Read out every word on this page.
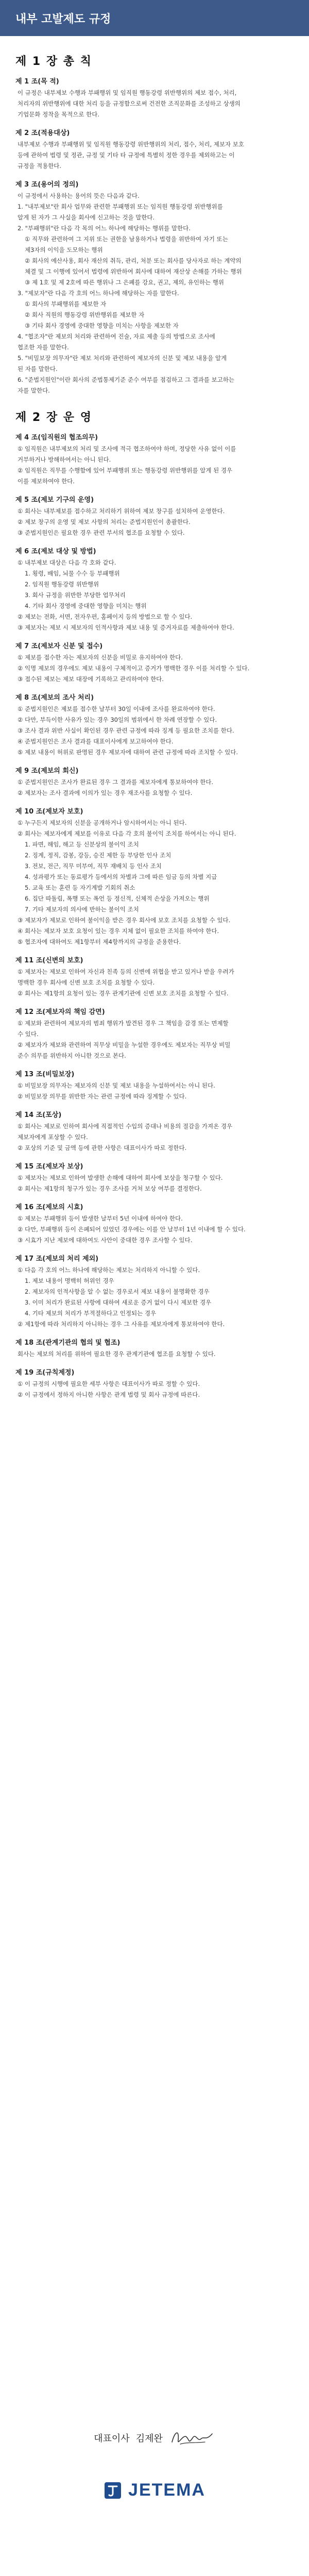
내부 고발제도 규정
제 1 장 총 칙
제 1 조(목 적)
이 규정은 내부제보 수행과 부패행위 및 임직원 행동강령 위반행위의 제보 접수, 처리,
처리자의 위반행위에 대한 처리 등을 규정함으로써 건전한 조직문화를 조성하고 상생의
기업문화 정착을 목적으로 한다.
제 2 조(적용대상)
내부제보 수행과 부패행위 및 임직원 행동강령 위반행위의 처리, 접수, 처리, 제보자 보호
등에 관하여 법령 및 정관, 규정 및 기타 타 규정에 특별히 정한 경우를 제외하고는 이
규정을 적용한다.
제 3 조(용어의 정의)
이 규정에서 사용하는 용어의 뜻은 다음과 같다.
1. "내부제보"란 회사 업무와 관련한 부패행위 또는 임직원 행동강령 위반행위를
알게 된 자가 그 사실을 회사에 신고하는 것을 말한다.
2. "부패행위"란 다음 각 목의 어느 하나에 해당하는 행위를 말한다.
① 직무와 관련하여 그 지위 또는 권한을 남용하거나 법령을 위반하여 자기 또는
제3자의 이익을 도모하는 행위
② 회사의 예산사용, 회사 재산의 취득, 관리, 처분 또는 회사를 당사자로 하는 계약의
체결 및 그 이행에 있어서 법령에 위반하여 회사에 대하여 재산상 손해를 가하는 행위
③ 제 1호 및 제 2호에 따른 행위나 그 은폐를 강요, 권고, 제의, 유인하는 행위
3. "제보자"란 다음 각 호의 어느 하나에 해당하는 자를 말한다.
① 회사의 부패행위를 제보한 자
② 회사 직원의 행동강령 위반행위를 제보한 자
③ 기타 회사 경영에 중대한 영향을 미치는 사항을 제보한 자
4. "협조자"란 제보의 처리와 관련하여 진술, 자료 제출 등의 방법으로 조사에
협조한 자를 말한다.
5. "비밀보장 의무자"란 제보 처리와 관련하여 제보자의 신분 및 제보 내용을 알게
된 자를 말한다.
6. "준법지원인"이란 회사의 준법통제기준 준수 여부를 점검하고 그 결과를 보고하는
자를 말한다.
제 2 장 운 영
제 4 조(임직원의 협조의무)
① 임직원은 내부제보의 처리 및 조사에 적극 협조하여야 하며, 정당한 사유 없이 이를
거부하거나 방해하여서는 아니 된다.
② 임직원은 직무를 수행함에 있어 부패행위 또는 행동강령 위반행위를 알게 된 경우
이를 제보하여야 한다.
제 5 조(제보 기구의 운영)
① 회사는 내부제보를 접수하고 처리하기 위하여 제보 창구를 설치하여 운영한다.
② 제보 창구의 운영 및 제보 사항의 처리는 준법지원인이 총괄한다.
③ 준법지원인은 필요한 경우 관련 부서의 협조를 요청할 수 있다.
제 6 조(제보 대상 및 방법)
① 내부제보 대상은 다음 각 호와 같다.
1. 횡령, 배임, 뇌물 수수 등 부패행위
2. 임직원 행동강령 위반행위
3. 회사 규정을 위반한 부당한 업무처리
4. 기타 회사 경영에 중대한 영향을 미치는 행위
② 제보는 전화, 서면, 전자우편, 홈페이지 등의 방법으로 할 수 있다.
③ 제보자는 제보 시 제보자의 인적사항과 제보 내용 및 증거자료를 제출하여야 한다.
제 7 조(제보자 신분 및 접수)
① 제보를 접수한 자는 제보자의 신분을 비밀로 유지하여야 한다.
② 익명 제보의 경우에도 제보 내용이 구체적이고 증거가 명백한 경우 이를 처리할 수 있다.
③ 접수된 제보는 제보 대장에 기록하고 관리하여야 한다.
제 8 조(제보의 조사 처리)
① 준법지원인은 제보를 접수한 날부터 30일 이내에 조사를 완료하여야 한다.
② 다만, 부득이한 사유가 있는 경우 30일의 범위에서 한 차례 연장할 수 있다.
③ 조사 결과 위반 사실이 확인된 경우 관련 규정에 따라 징계 등 필요한 조치를 한다.
④ 준법지원인은 조사 결과를 대표이사에게 보고하여야 한다.
⑤ 제보 내용이 허위로 판명된 경우 제보자에 대하여 관련 규정에 따라 조치할 수 있다.
제 9 조(제보의 회신)
① 준법지원인은 조사가 완료된 경우 그 결과를 제보자에게 통보하여야 한다.
② 제보자는 조사 결과에 이의가 있는 경우 재조사를 요청할 수 있다.
제 10 조(제보자 보호)
① 누구든지 제보자의 신분을 공개하거나 암시하여서는 아니 된다.
② 회사는 제보자에게 제보를 이유로 다음 각 호의 불이익 조치를 하여서는 아니 된다.
1. 파면, 해임, 해고 등 신분상의 불이익 조치
2. 징계, 정직, 감봉, 강등, 승진 제한 등 부당한 인사 조치
3. 전보, 전근, 직무 미부여, 직무 재배치 등 인사 조치
4. 성과평가 또는 동료평가 등에서의 차별과 그에 따른 임금 등의 차별 지급
5. 교육 또는 훈련 등 자기계발 기회의 취소
6. 집단 따돌림, 폭행 또는 폭언 등 정신적, 신체적 손상을 가져오는 행위
7. 기타 제보자의 의사에 반하는 불이익 조치
③ 제보자가 제보로 인하여 불이익을 받은 경우 회사에 보호 조치를 요청할 수 있다.
④ 회사는 제보자 보호 요청이 있는 경우 지체 없이 필요한 조치를 하여야 한다.
⑤ 협조자에 대하여도 제1항부터 제4항까지의 규정을 준용한다.
제 11 조(신변의 보호)
① 제보자는 제보로 인하여 자신과 친족 등의 신변에 위협을 받고 있거나 받을 우려가
명백한 경우 회사에 신변 보호 조치를 요청할 수 있다.
② 회사는 제1항의 요청이 있는 경우 관계기관에 신변 보호 조치를 요청할 수 있다.
제 12 조(제보자의 책임 감면)
① 제보와 관련하여 제보자의 범죄 행위가 발견된 경우 그 책임을 감경 또는 면제할
수 있다.
② 제보자가 제보와 관련하여 직무상 비밀을 누설한 경우에도 제보자는 직무상 비밀
준수 의무를 위반하지 아니한 것으로 본다.
제 13 조(비밀보장)
① 비밀보장 의무자는 제보자의 신분 및 제보 내용을 누설하여서는 아니 된다.
② 비밀보장 의무를 위반한 자는 관련 규정에 따라 징계할 수 있다.
제 14 조(포상)
① 회사는 제보로 인하여 회사에 직접적인 수입의 증대나 비용의 절감을 가져온 경우
제보자에게 포상할 수 있다.
② 포상의 기준 및 금액 등에 관한 사항은 대표이사가 따로 정한다.
제 15 조(제보자 보상)
① 제보자는 제보로 인하여 발생한 손해에 대하여 회사에 보상을 청구할 수 있다.
② 회사는 제1항의 청구가 있는 경우 조사를 거쳐 보상 여부를 결정한다.
제 16 조(제보의 시효)
① 제보는 부패행위 등이 발생한 날부터 5년 이내에 하여야 한다.
② 다만, 부패행위 등이 은폐되어 있었던 경우에는 이를 안 날부터 1년 이내에 할 수 있다.
③ 시효가 지난 제보에 대하여도 사안이 중대한 경우 조사할 수 있다.
제 17 조(제보의 처리 제외)
① 다음 각 호의 어느 하나에 해당하는 제보는 처리하지 아니할 수 있다.
1. 제보 내용이 명백히 허위인 경우
2. 제보자의 인적사항을 알 수 없는 경우로서 제보 내용이 불명확한 경우
3. 이미 처리가 완료된 사항에 대하여 새로운 증거 없이 다시 제보한 경우
4. 기타 제보의 처리가 부적절하다고 인정되는 경우
② 제1항에 따라 처리하지 아니하는 경우 그 사유를 제보자에게 통보하여야 한다.
제 18 조(관계기관의 협의 및 협조)
회사는 제보의 처리를 위하여 필요한 경우 관계기관에 협조를 요청할 수 있다.
제 19 조(규칙제정)
① 이 규정의 시행에 필요한 세부 사항은 대표이사가 따로 정할 수 있다.
② 이 규정에서 정하지 아니한 사항은 관계 법령 및 회사 규정에 따른다.
대표이사 김제완
JETEMA
